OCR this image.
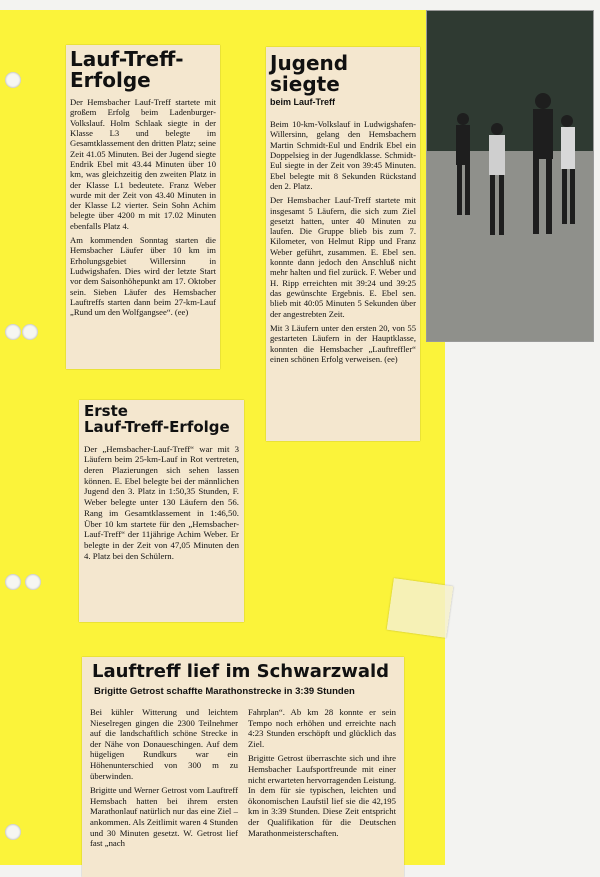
Lauf-Treff-Erfolge

Der Hemsbacher Lauf-Treff startete mit großem Erfolg beim Ladenburger-Volkslauf. Holm Schlaak siegte in der Klasse L3 und belegte im Gesamtklassement den dritten Platz; seine Zeit 41.05 Minuten. Bei der Jugend siegte Endrik Ebel mit 43.44 Minuten über 10 km, was gleichzeitig den zweiten Platz in der Klasse L1 bedeutete. Franz Weber wurde mit der Zeit von 43.40 Minuten in der Klasse L2 vierter. Sein Sohn Achim belegte über 4200 m mit 17.02 Minuten ebenfalls Platz 4.

Am kommenden Sonntag starten die Hemsbacher Läufer über 10 km im Erholungsgebiet Willersinn in Ludwigshafen. Dies wird der letzte Start vor dem Saisonhöhepunkt am 17. Oktober sein. Sieben Läufer des Hemsbacher Lauftreffs starten dann beim 27-km-Lauf „Rund um den Wolfgangsee“. (ee)

Jugend siegte
beim Lauf-Treff

Beim 10-km-Volkslauf in Ludwigshafen-Willersinn, gelang den Hemsbachern Martin Schmidt-Eul und Endrik Ebel ein Doppelsieg in der Jugendklasse. Schmidt-Eul siegte in der Zeit von 39:45 Minuten. Ebel belegte mit 8 Sekunden Rückstand den 2. Platz.

Der Hemsbacher Lauf-Treff startete mit insgesamt 5 Läufern, die sich zum Ziel gesetzt hatten, unter 40 Minuten zu laufen. Die Gruppe blieb bis zum 7. Kilometer, von Helmut Ripp und Franz Weber geführt, zusammen. E. Ebel sen. konnte dann jedoch den Anschluß nicht mehr halten und fiel zurück. F. Weber und H. Ripp erreichten mit 39:24 und 39:25 das gewünschte Ergebnis. E. Ebel sen. blieb mit 40:05 Minuten 5 Sekunden über der angestrebten Zeit.

Mit 3 Läufern unter den ersten 20, von 55 gestarteten Läufern in der Hauptklasse, konnten die Hemsbacher „Lauftreffler“ einen schönen Erfolg verweisen. (ee)

Erste
Lauf-Treff-Erfolge

Der „Hemsbacher-Lauf-Treff“ war mit 3 Läufern beim 25-km-Lauf in Rot vertreten, deren Plazierungen sich sehen lassen können. E. Ebel belegte bei der männlichen Jugend den 3. Platz in 1:50,35 Stunden, F. Weber belegte unter 130 Läufern den 56. Rang im Gesamtklassement in 1:46,50. Über 10 km startete für den „Hemsbacher-Lauf-Treff“ der 11jährige Achim Weber. Er belegte in der Zeit von 47,05 Minuten den 4. Platz bei den Schülern.

Lauftreff lief im Schwarzwald
Brigitte Getrost schaffte Marathonstrecke in 3:39 Stunden

Bei kühler Witterung und leichtem Nieselregen gingen die 2300 Teilnehmer auf die landschaftlich schöne Strecke in der Nähe von Donaueschingen. Auf dem hügeligen Rundkurs war ein Höhenunterschied von 300 m zu überwinden.

Brigitte und Werner Getrost vom Lauftreff Hemsbach hatten bei ihrem ersten Marathonlauf natürlich nur das eine Ziel – ankommen. Als Zeitlimit waren 4 Stunden und 30 Minuten gesetzt. W. Getrost lief fast „nach

Fahrplan“. Ab km 28 konnte er sein Tempo noch erhöhen und erreichte nach 4:23 Stunden erschöpft und glücklich das Ziel.

Brigitte Getrost überraschte sich und ihre Hemsbacher Laufsportfreunde mit einer nicht erwarteten hervorragenden Leistung. In dem für sie typischen, leichten und ökonomischen Laufstil lief sie die 42,195 km in 3:39 Stunden. Diese Zeit entspricht der Qualifikation für die Deutschen Marathonmeisterschaften.
